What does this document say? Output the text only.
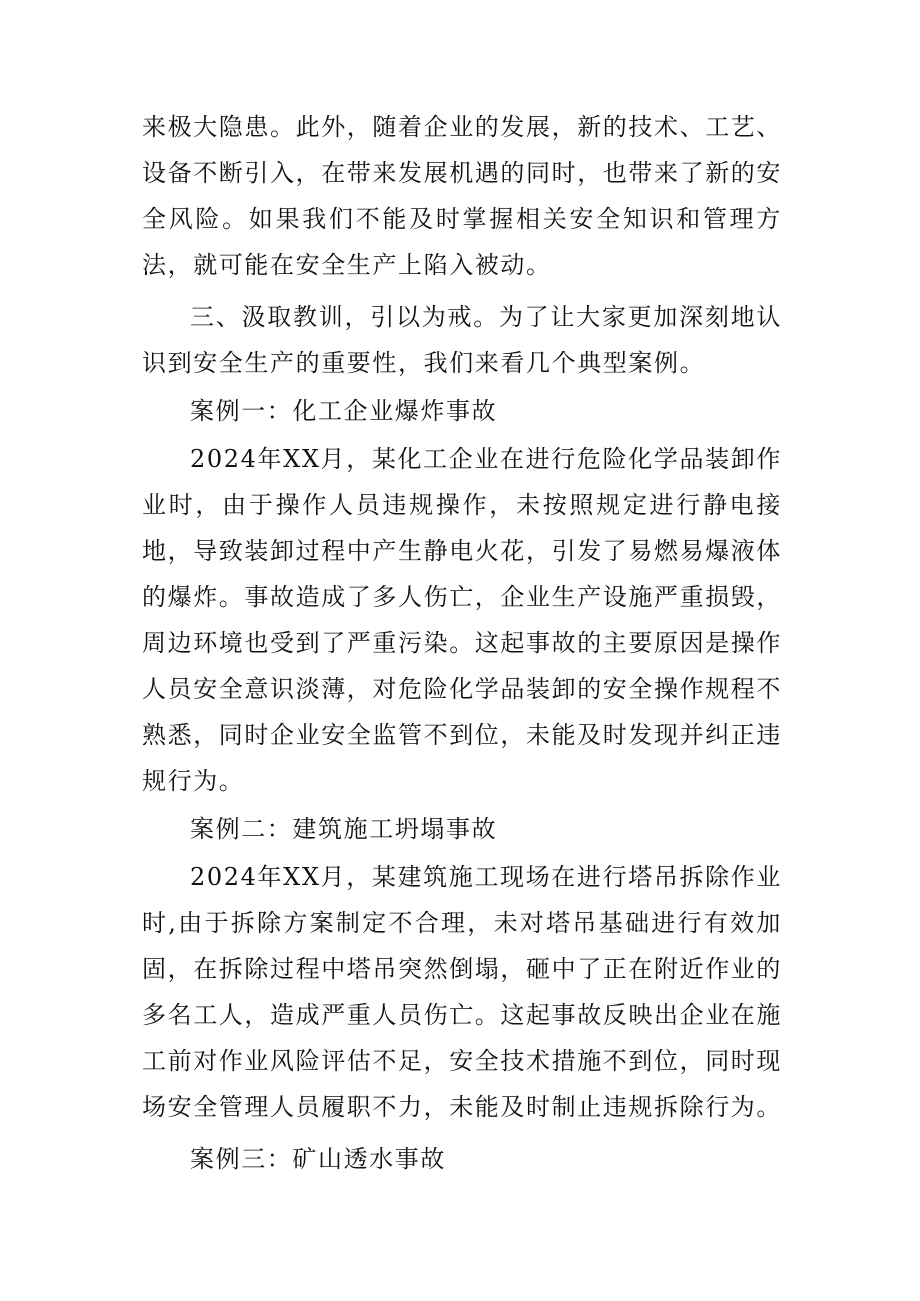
来极大隐患。此外，随着企业的发展，新的技术、工艺、设备不断引入，在带来发展机遇的同时，也带来了新的安全风险。如果我们不能及时掌握相关安全知识和管理方法，就可能在安全生产上陷入被动。

三、汲取教训，引以为戒。为了让大家更加深刻地认识到安全生产的重要性，我们来看几个典型案例。

案例一：化工企业爆炸事故

2024年XX月，某化工企业在进行危险化学品装卸作业时，由于操作人员违规操作，未按照规定进行静电接地，导致装卸过程中产生静电火花，引发了易燃易爆液体的爆炸。事故造成了多人伤亡，企业生产设施严重损毁，周边环境也受到了严重污染。这起事故的主要原因是操作人员安全意识淡薄，对危险化学品装卸的安全操作规程不熟悉，同时企业安全监管不到位，未能及时发现并纠正违规行为。

案例二：建筑施工坍塌事故

2024年XX月，某建筑施工现场在进行塔吊拆除作业时,由于拆除方案制定不合理，未对塔吊基础进行有效加固，在拆除过程中塔吊突然倒塌，砸中了正在附近作业的多名工人，造成严重人员伤亡。这起事故反映出企业在施工前对作业风险评估不足，安全技术措施不到位，同时现场安全管理人员履职不力，未能及时制止违规拆除行为。

案例三：矿山透水事故
